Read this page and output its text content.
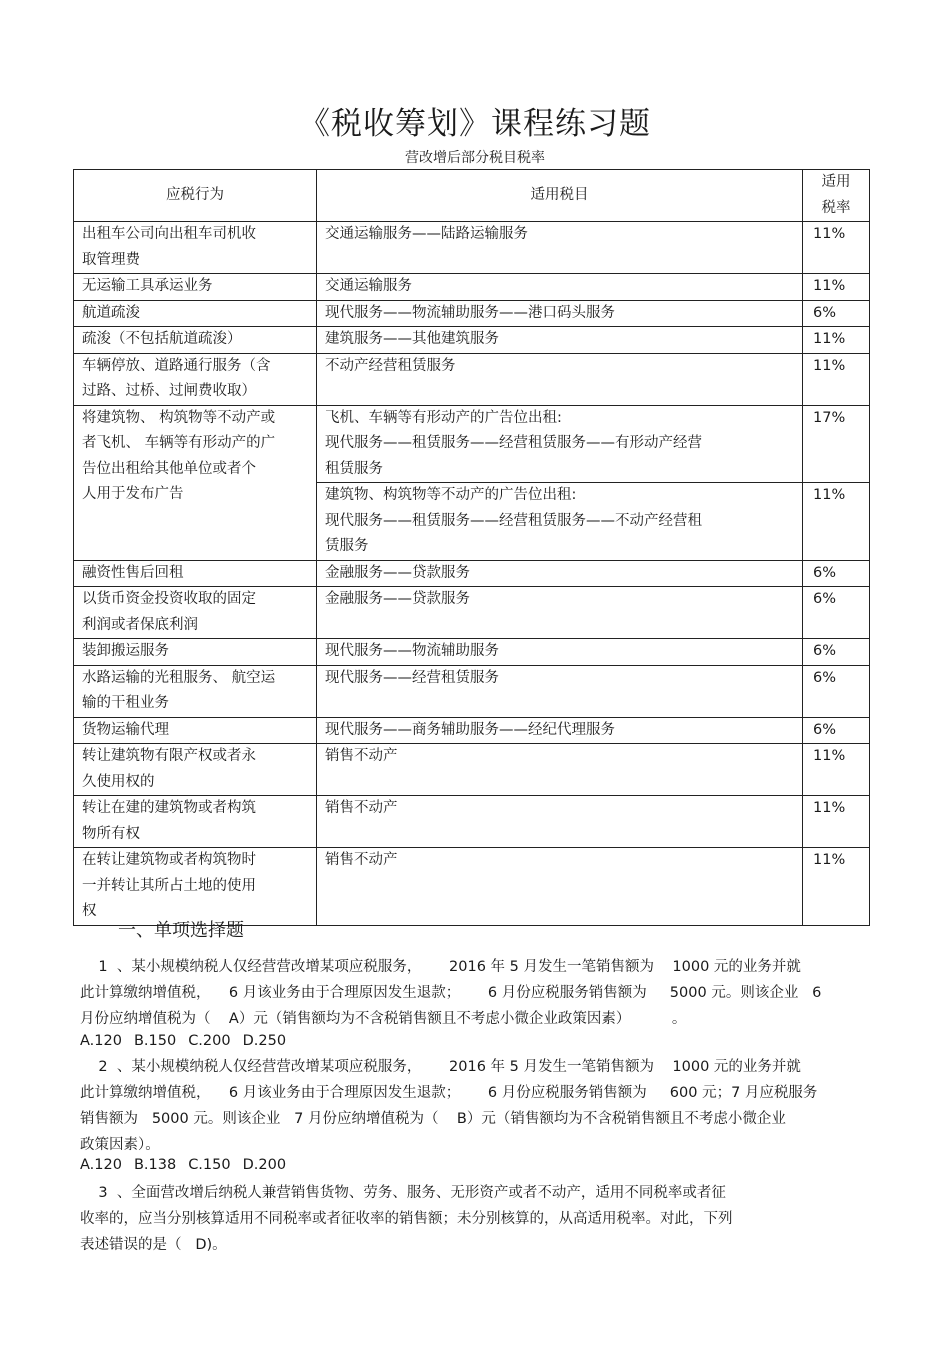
《税收筹划》课程练习题
营改增后部分税目税率
应税行为	适用税目	适用
税率
出租车公司向出租车司机收
取管理费	交通运输服务——陆路运输服务	11%
无运输工具承运业务	交通运输服务	11%
航道疏浚	现代服务——物流辅助服务——港口码头服务	6%
疏浚（不包括航道疏浚）	建筑服务——其他建筑服务	11%
车辆停放、道路通行服务（含
过路、过桥、过闸费收取）	不动产经营租赁服务	11%
将建筑物、 构筑物等不动产或
者飞机、 车辆等有形动产的广
告位出租给其他单位或者个
人用于发布广告	飞机、车辆等有形动产的广告位出租:
现代服务——租赁服务——经营租赁服务——有形动产经营
租赁服务	17%
	建筑物、构筑物等不动产的广告位出租:
现代服务——租赁服务——经营租赁服务——不动产经营租
赁服务	11%
融资性售后回租	金融服务——贷款服务	6%
以货币资金投资收取的固定
利润或者保底利润	金融服务——贷款服务	6%
装卸搬运服务	现代服务——物流辅助服务	6%
水路运输的光租服务、 航空运
输的干租业务	现代服务——经营租赁服务	6%
货物运输代理	现代服务——商务辅助服务——经纪代理服务	6%
转让建筑物有限产权或者永
久使用权的	销售不动产	11%
转让在建的建筑物或者构筑
物所有权	销售不动产	11%
在转让建筑物或者构筑物时
一并转让其所占土地的使用
权	销售不动产	11%
一、单项选择题

1  、某小规模纳税人仅经营营改增某项应税服务，      2016 年 5 月发生一笔销售额为    1000 元的业务并就
此计算缴纳增值税，    6 月该业务由于合理原因发生退款；      6 月份应税服务销售额为     5000 元。则该企业   6
月份应纳增值税为（    A）元（销售额均为不含税销售额且不考虑小微企业政策因素）         。

A.120 B.150 C.200 D.250

2  、某小规模纳税人仅经营营改增某项应税服务，      2016 年 5 月发生一笔销售额为    1000 元的业务并就
此计算缴纳增值税，    6 月该业务由于合理原因发生退款；      6 月份应税服务销售额为     600 元；7 月应税服务
销售额为   5000 元。则该企业   7 月份应纳增值税为（    B）元（销售额均为不含税销售额且不考虑小微企业
政策因素）。

A.120 B.138 C.150 D.200

3  、全面营改增后纳税人兼营销售货物、劳务、服务、无形资产或者不动产，适用不同税率或者征
收率的，应当分别核算适用不同税率或者征收率的销售额；未分别核算的，从高适用税率。对此，下列
表述错误的是（   D)。
